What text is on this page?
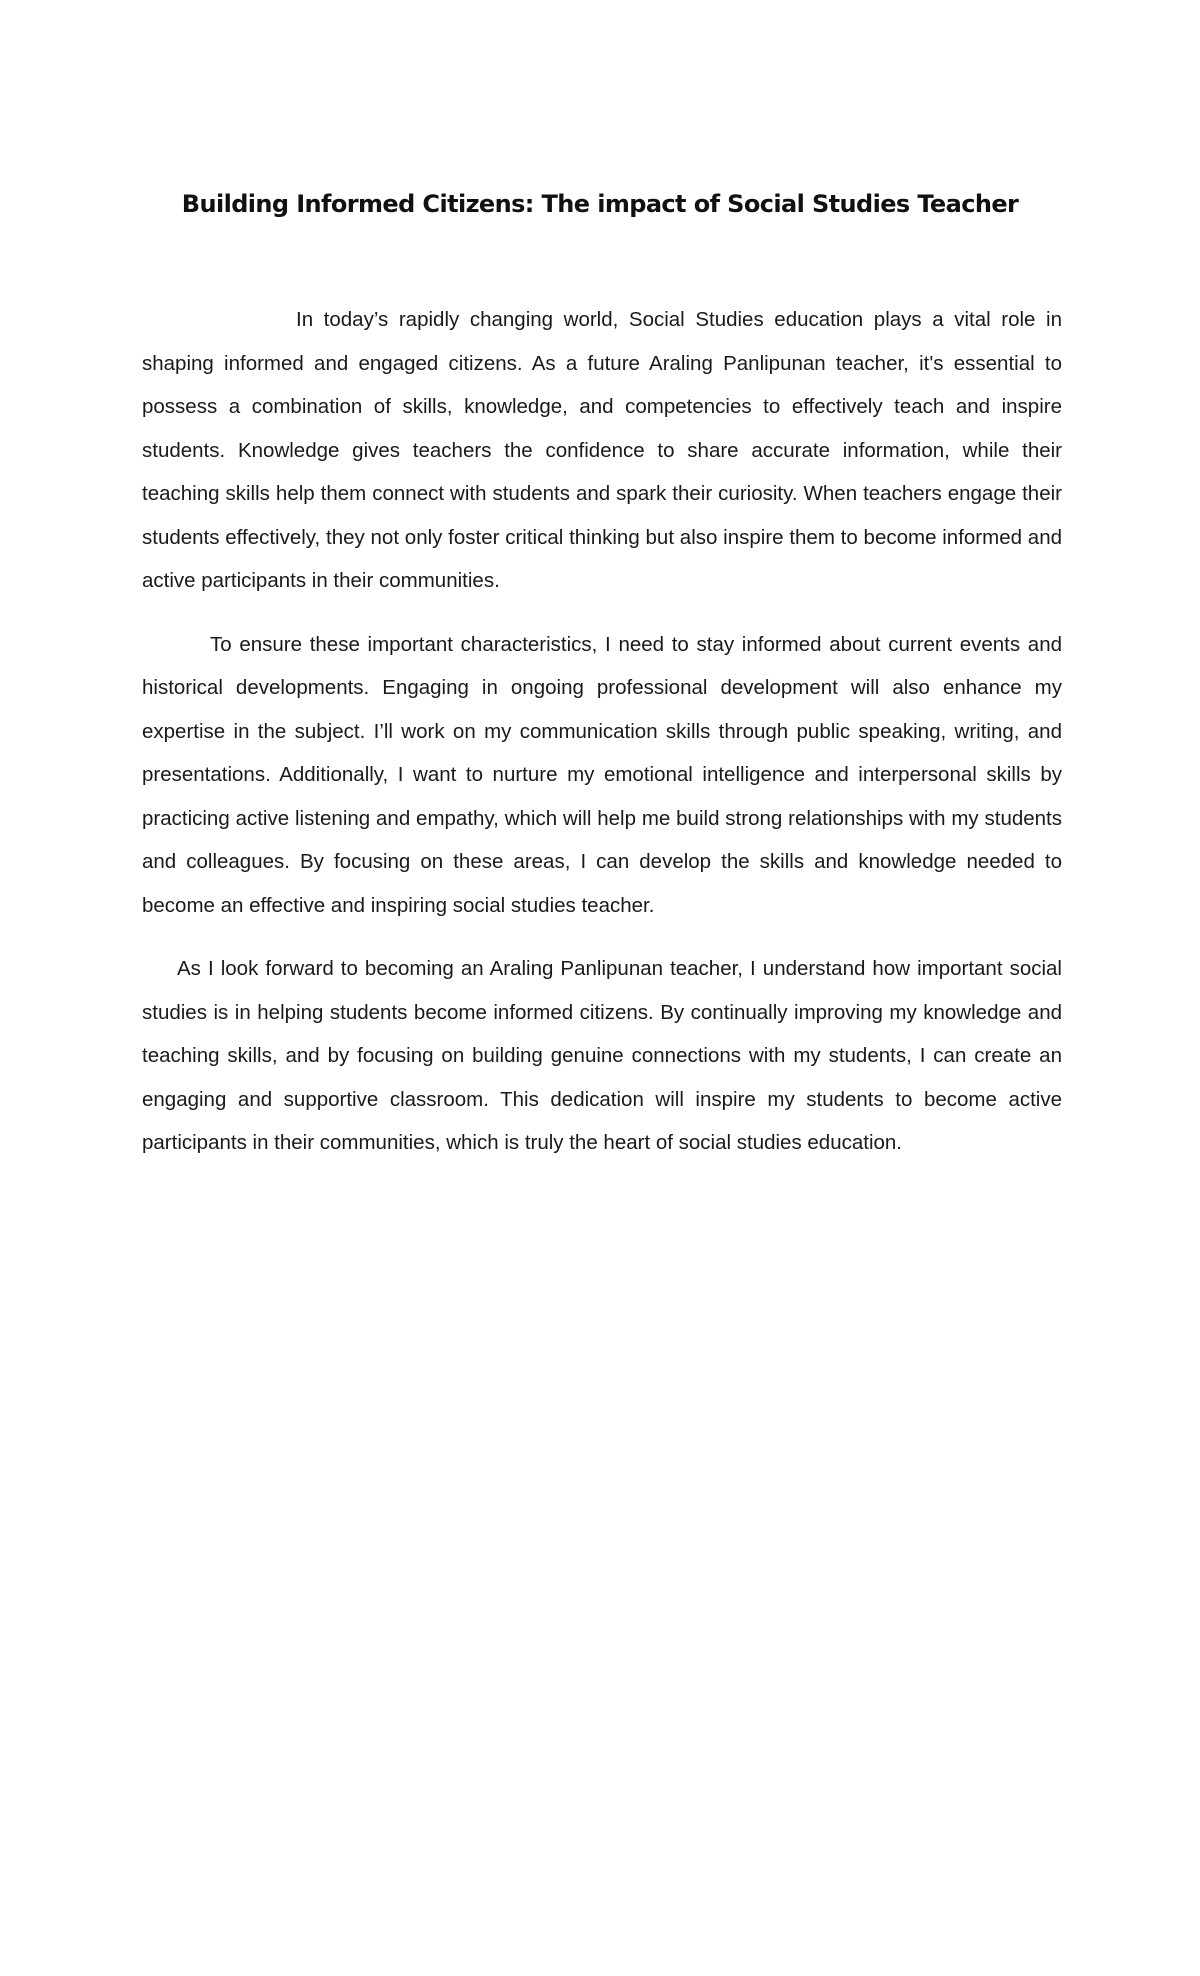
Building Informed Citizens: The impact of Social Studies Teacher

In today’s rapidly changing world, Social Studies education plays a vital role in shaping informed and engaged citizens. As a future Araling Panlipunan teacher, it's essential to possess a combination of skills, knowledge, and competencies to effectively teach and inspire students. Knowledge gives teachers the confidence to share accurate information, while their teaching skills help them connect with students and spark their curiosity. When teachers engage their students effectively, they not only foster critical thinking but also inspire them to become informed and active participants in their communities.

To ensure these important characteristics, I need to stay informed about current events and historical developments. Engaging in ongoing professional development will also enhance my expertise in the subject. I’ll work on my communication skills through public speaking, writing, and presentations. Additionally, I want to nurture my emotional intelligence and interpersonal skills by practicing active listening and empathy, which will help me build strong relationships with my students and colleagues. By focusing on these areas, I can develop the skills and knowledge needed to become an effective and inspiring social studies teacher.

As I look forward to becoming an Araling Panlipunan teacher, I understand how important social studies is in helping students become informed citizens. By continually improving my knowledge and teaching skills, and by focusing on building genuine connections with my students, I can create an engaging and supportive classroom. This dedication will inspire my students to become active participants in their communities, which is truly the heart of social studies education.
